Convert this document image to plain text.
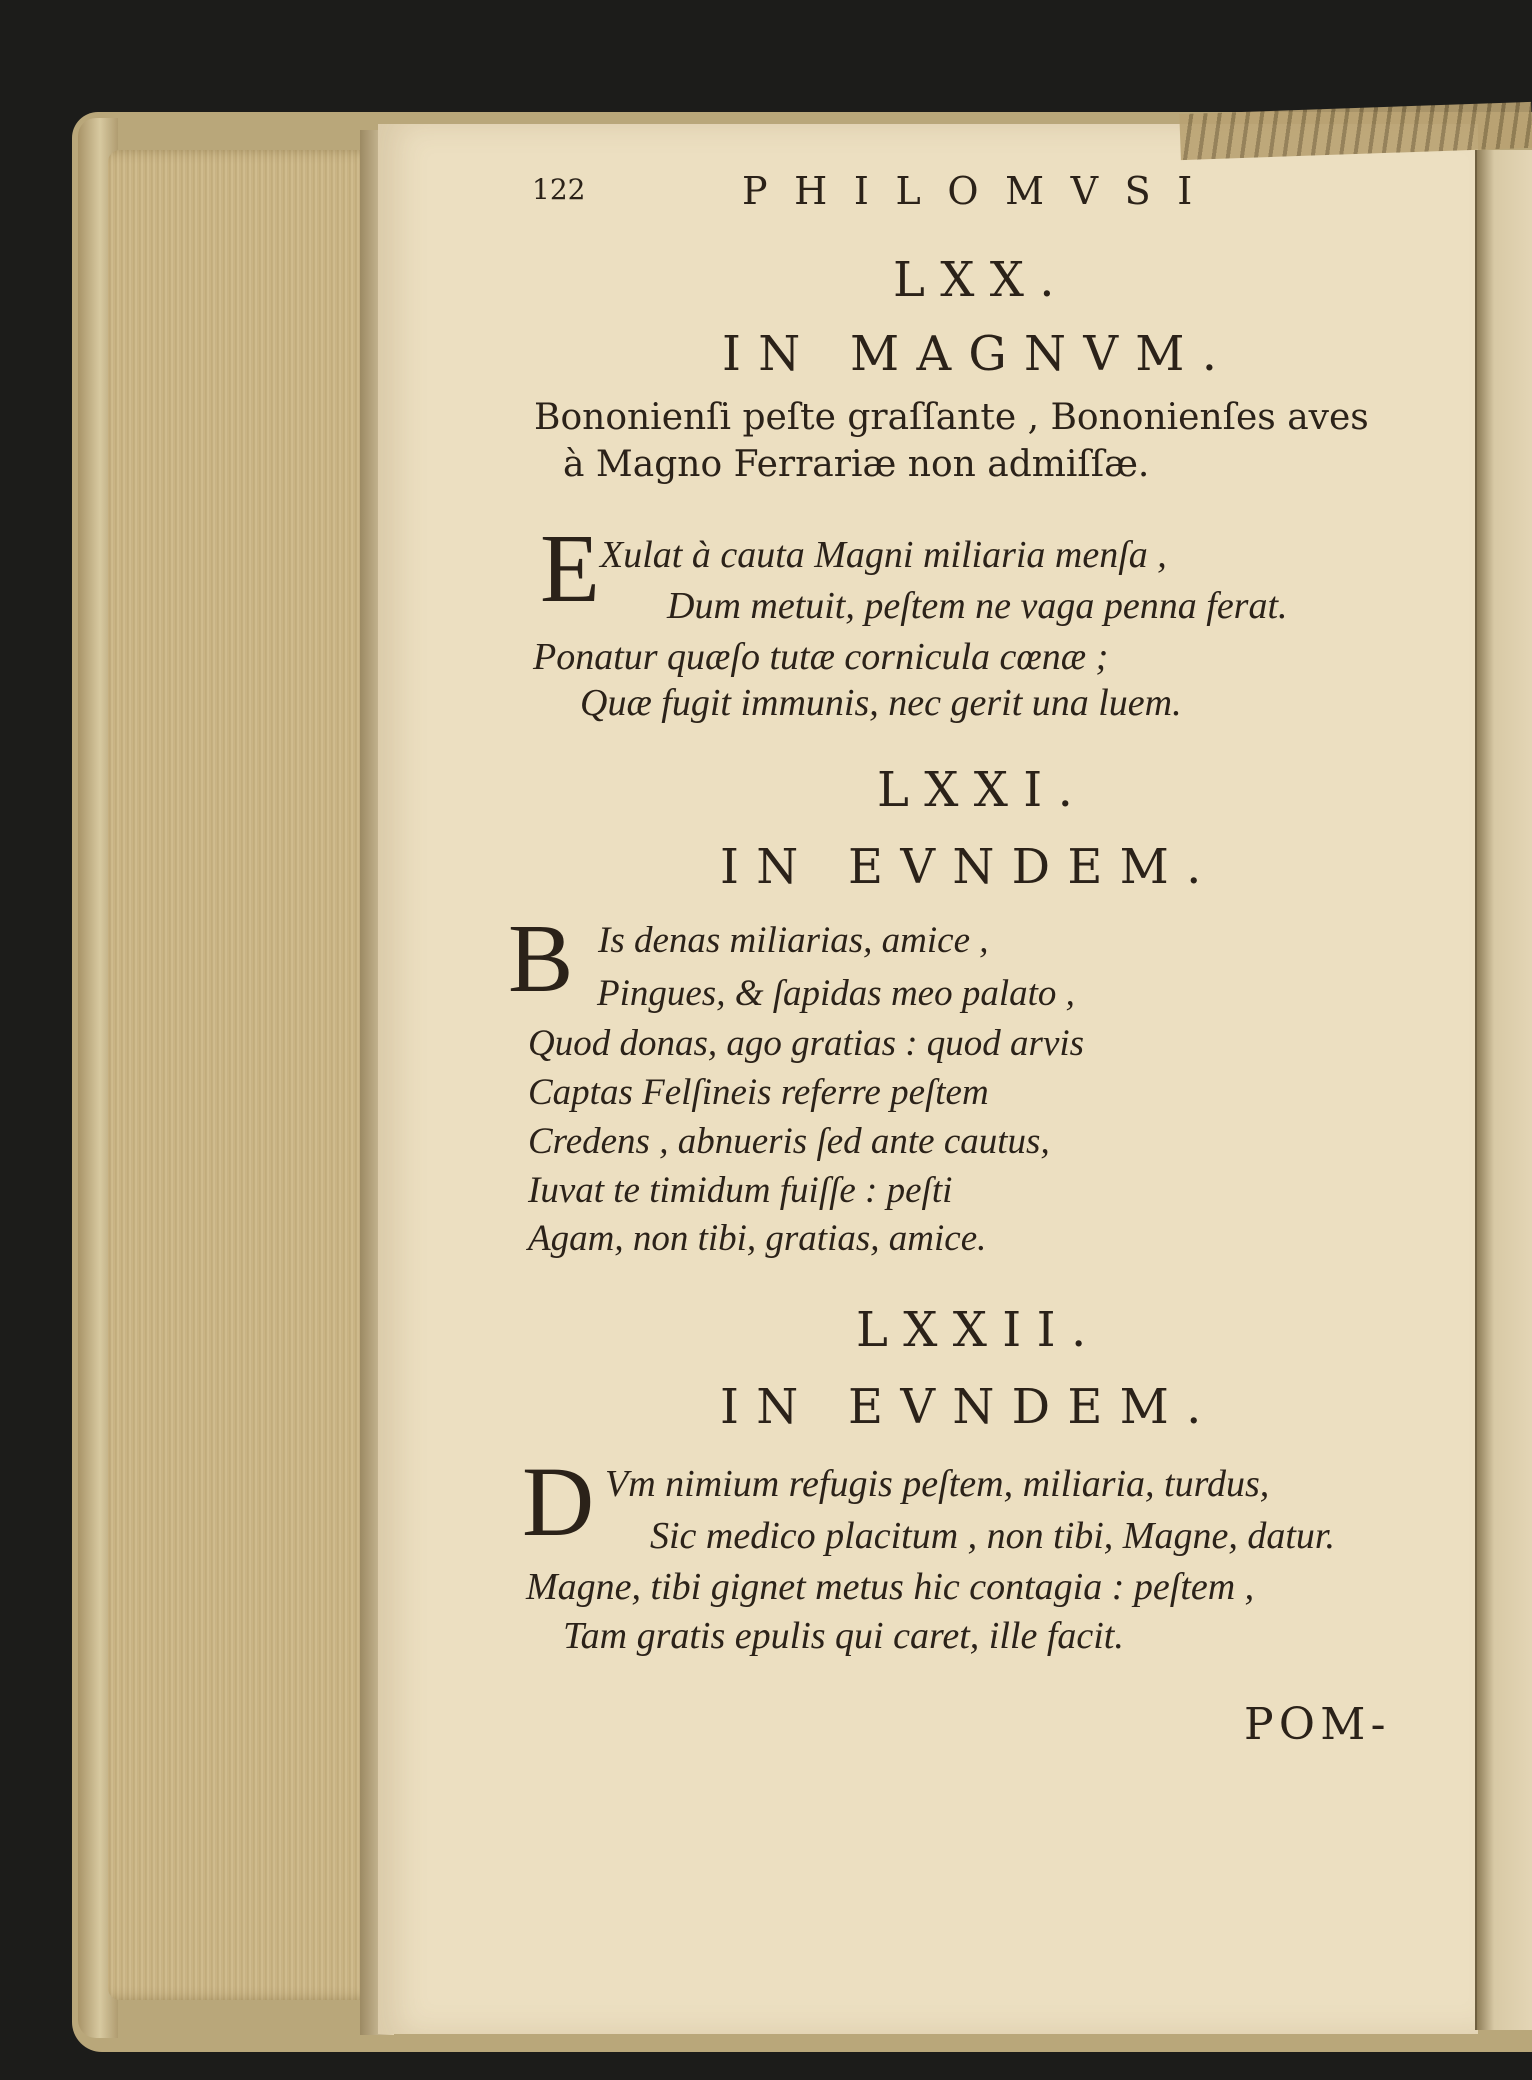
122	PHILOMVSI
LXX.
IN MAGNVM.
Bononienſi peſte graſſante , Bononienſes aves
à Magno Ferrariæ non admiſſæ.
E Xulat à cauta Magni miliaria menſa ,
Dum metuit, peſtem ne vaga penna ferat.
Ponatur quæſo tutæ cornicula cœnæ ;
Quæ fugit immunis, nec gerit una luem.
LXXI.
IN EVNDEM.
B Is denas miliarias, amice ,
Pingues, & ſapidas meo palato ,
Quod donas, ago gratias : quod arvis
Captas Felſineis referre peſtem
Credens , abnueris ſed ante cautus,
Iuvat te timidum fuiſſe : peſti
Agam, non tibi, gratias, amice.
LXXII.
IN EVNDEM.
D Vm nimium refugis peſtem, miliaria, turdus,
Sic medico placitum , non tibi, Magne, datur.
Magne, tibi gignet metus hic contagia : peſtem ,
Tam gratis epulis qui caret, ille facit.
POM-
